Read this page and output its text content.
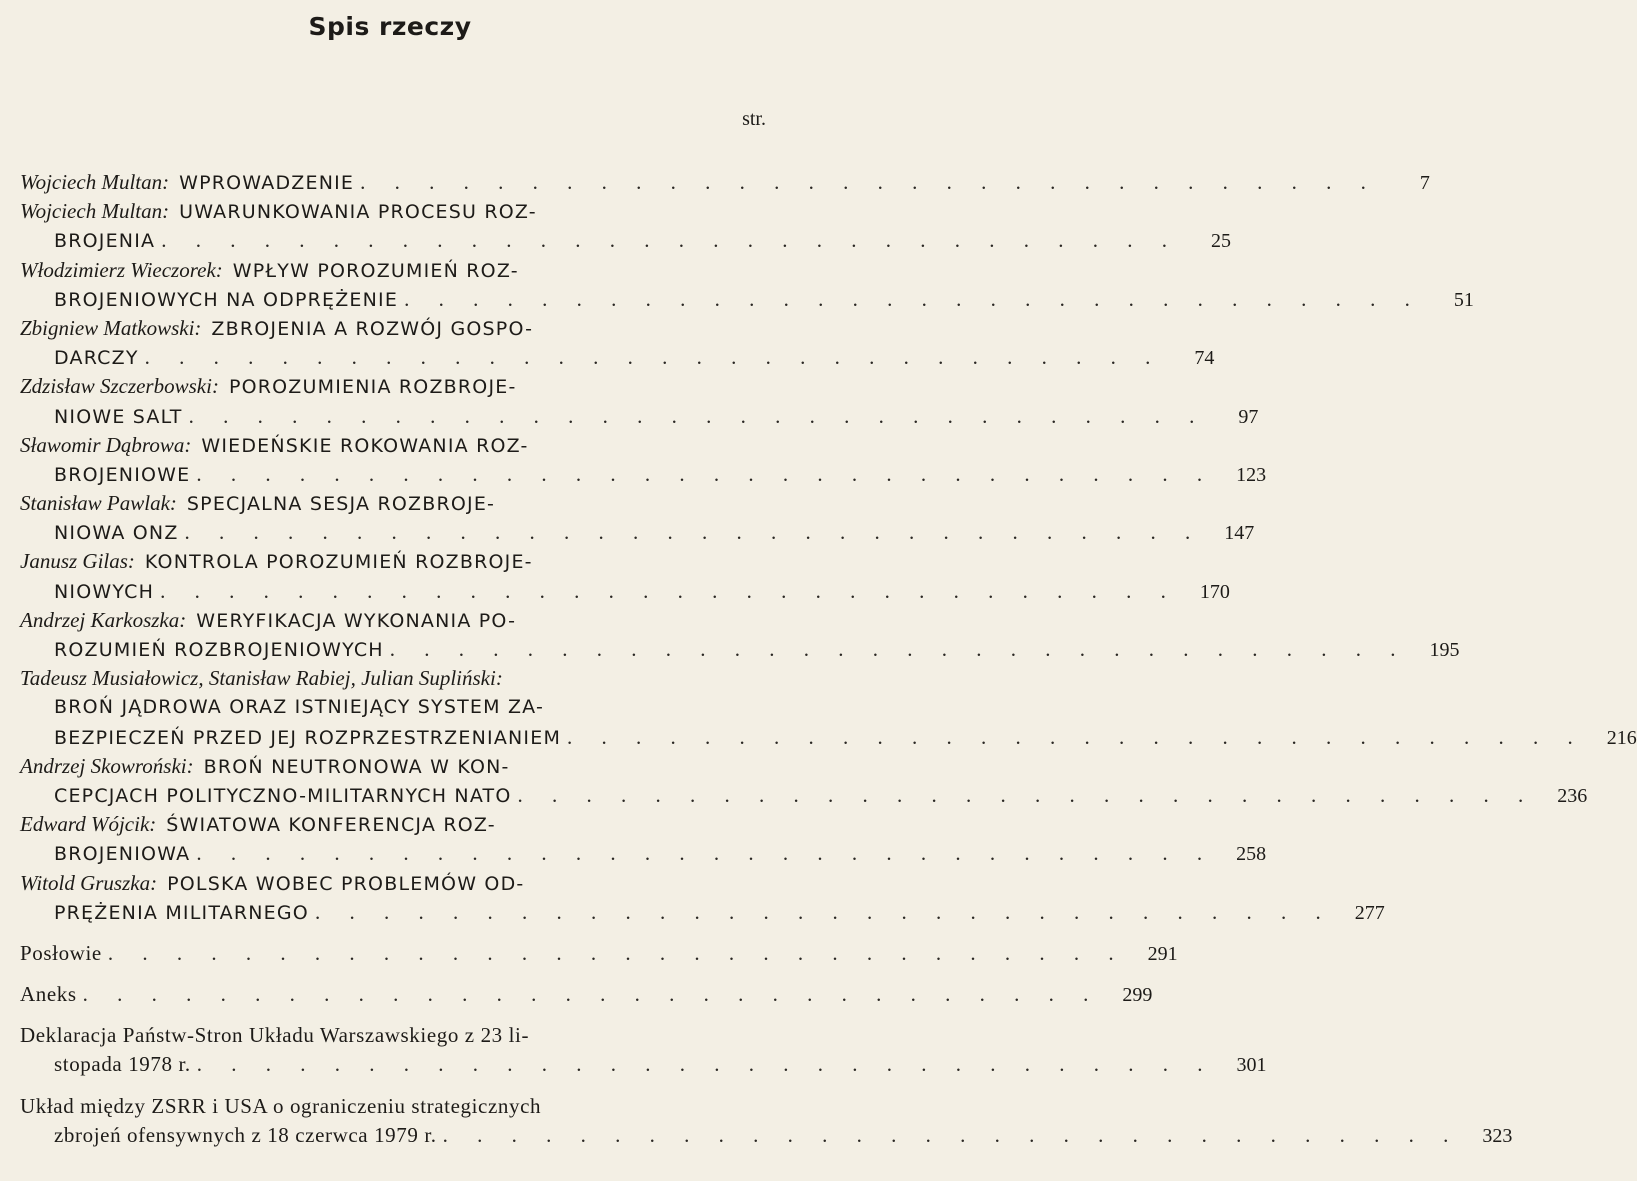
Spis rzeczy
str.
Wojciech Multan: WPROWADZENIE . . . . . . . . . . . . . . . . . . . . . . . . . . . . . .	7
Wojciech Multan: UWARUNKOWANIA PROCESU ROZ-
BROJENIA . . . . . . . . . . . . . . . . . . . . . . . . . . . . . .	25
Włodzimierz Wieczorek: WPŁYW POROZUMIEŃ ROZ-
BROJENIOWYCH NA ODPRĘŻENIE . . . . . . . . . . . . . . . . . . . . . . . . . . . . . .	51
Zbigniew Matkowski: ZBROJENIA A ROZWÓJ GOSPO-
DARCZY . . . . . . . . . . . . . . . . . . . . . . . . . . . . . .	74
Zdzisław Szczerbowski: POROZUMIENIA ROZBROJE-
NIOWE SALT . . . . . . . . . . . . . . . . . . . . . . . . . . . . . .	97
Sławomir Dąbrowa: WIEDEŃSKIE ROKOWANIA ROZ-
BROJENIOWE . . . . . . . . . . . . . . . . . . . . . . . . . . . . . .	123
Stanisław Pawlak: SPECJALNA SESJA ROZBROJE-
NIOWA ONZ . . . . . . . . . . . . . . . . . . . . . . . . . . . . . .	147
Janusz Gilas: KONTROLA POROZUMIEŃ ROZBROJE-
NIOWYCH . . . . . . . . . . . . . . . . . . . . . . . . . . . . . .	170
Andrzej Karkoszka: WERYFIKACJA WYKONANIA PO-
ROZUMIEŃ ROZBROJENIOWYCH . . . . . . . . . . . . . . . . . . . . . . . . . . . . . .	195
Tadeusz Musiałowicz, Stanisław Rabiej, Julian Supliński:
BROŃ JĄDROWA ORAZ ISTNIEJĄCY SYSTEM ZA-
BEZPIECZEŃ PRZED JEJ ROZPRZESTRZENIANIEM . . . . . . . . . . . . . . . . . . . . . . . . . . . . . .	216
Andrzej Skowroński: BROŃ NEUTRONOWA W KON-
CEPCJACH POLITYCZNO-MILITARNYCH NATO . . . . . . . . . . . . . . . . . . . . . . . . . . . . . .	236
Edward Wójcik: ŚWIATOWA KONFERENCJA ROZ-
BROJENIOWA . . . . . . . . . . . . . . . . . . . . . . . . . . . . . .	258
Witold Gruszka: POLSKA WOBEC PROBLEMÓW OD-
PRĘŻENIA MILITARNEGO . . . . . . . . . . . . . . . . . . . . . . . . . . . . . .	277
Posłowie . . . . . . . . . . . . . . . . . . . . . . . . . . . . . .	291
Aneks . . . . . . . . . . . . . . . . . . . . . . . . . . . . . .	299
Deklaracja Państw-Stron Układu Warszawskiego z 23 li-
stopada 1978 r. . . . . . . . . . . . . . . . . . . . . . . . . . . . . . .	301
Układ między ZSRR i USA o ograniczeniu strategicznych
zbrojeń ofensywnych z 18 czerwca 1979 r. . . . . . . . . . . . . . . . . . . . . . . . . . . . . . .	323
